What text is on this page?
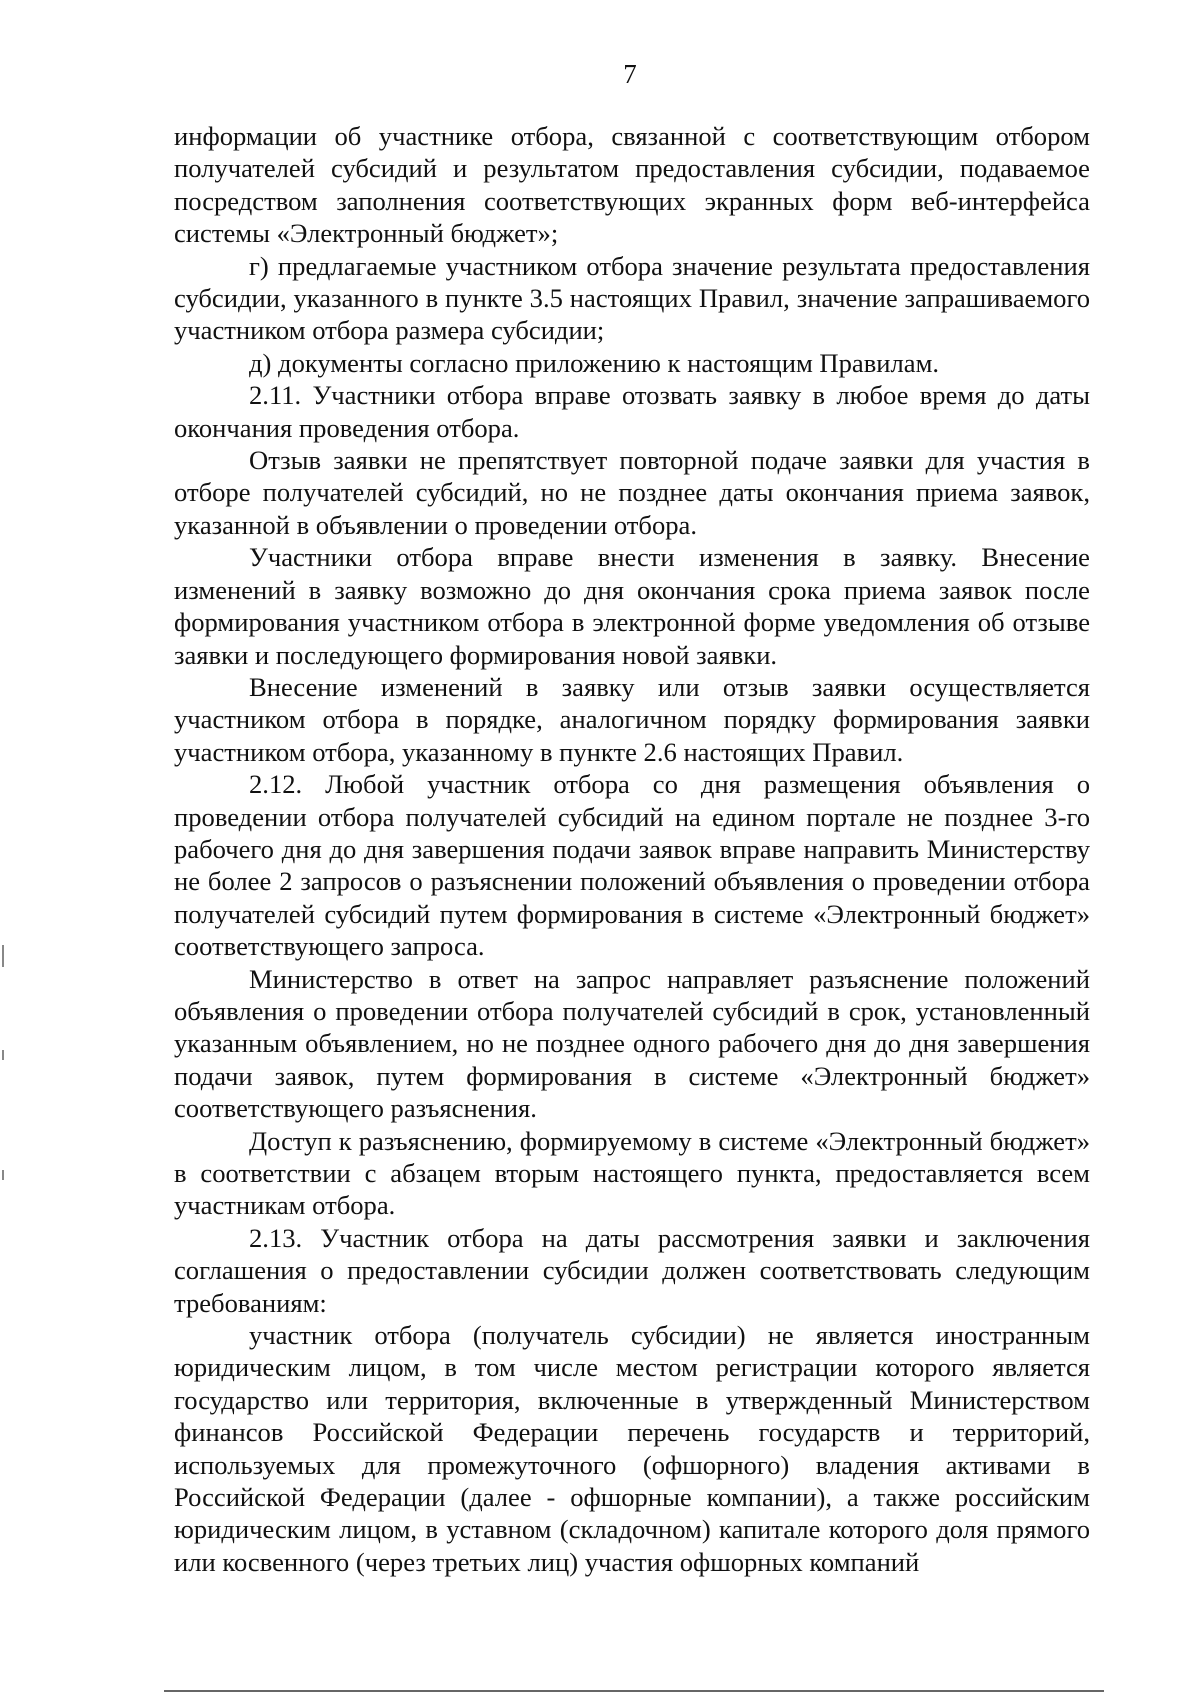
7

информации об участнике отбора, связанной с соответствующим отбором получателей субсидий и результатом предоставления субсидии, подаваемое посредством заполнения соответствующих экранных форм веб-интерфейса системы «Электронный бюджет»;

г) предлагаемые участником отбора значение результата предоставления субсидии, указанного в пункте 3.5 настоящих Правил, значение запрашиваемого участником отбора размера субсидии;

д) документы согласно приложению к настоящим Правилам.

2.11. Участники отбора вправе отозвать заявку в любое время до даты окончания проведения отбора.

Отзыв заявки не препятствует повторной подаче заявки для участия в отборе получателей субсидий, но не позднее даты окончания приема заявок, указанной в объявлении о проведении отбора.

Участники отбора вправе внести изменения в заявку. Внесение изменений в заявку возможно до дня окончания срока приема заявок после формирования участником отбора в электронной форме уведомления об отзыве заявки и последующего формирования новой заявки.

Внесение изменений в заявку или отзыв заявки осуществляется участником отбора в порядке, аналогичном порядку формирования заявки участником отбора, указанному в пункте 2.6 настоящих Правил.

2.12. Любой участник отбора со дня размещения объявления о проведении отбора получателей субсидий на едином портале не позднее 3-го рабочего дня до дня завершения подачи заявок вправе направить Министерству не более 2 запросов о разъяснении положений объявления о проведении отбора получателей субсидий путем формирования в системе «Электронный бюджет» соответствующего запроса.

Министерство в ответ на запрос направляет разъяснение положений объявления о проведении отбора получателей субсидий в срок, установленный указанным объявлением, но не позднее одного рабочего дня до дня завершения подачи заявок, путем формирования в системе «Электронный бюджет» соответствующего разъяснения.

Доступ к разъяснению, формируемому в системе «Электронный бюджет» в соответствии с абзацем вторым настоящего пункта, предоставляется всем участникам отбора.

2.13. Участник отбора на даты рассмотрения заявки и заключения соглашения о предоставлении субсидии должен соответствовать следующим требованиям:

участник отбора (получатель субсидии) не является иностранным юридическим лицом, в том числе местом регистрации которого является государство или территория, включенные в утвержденный Министерством финансов Российской Федерации перечень государств и территорий, используемых для промежуточного (офшорного) владения активами в Российской Федерации (далее - офшорные компании), а также российским юридическим лицом, в уставном (складочном) капитале которого доля прямого или косвенного (через третьих лиц) участия офшорных компаний
